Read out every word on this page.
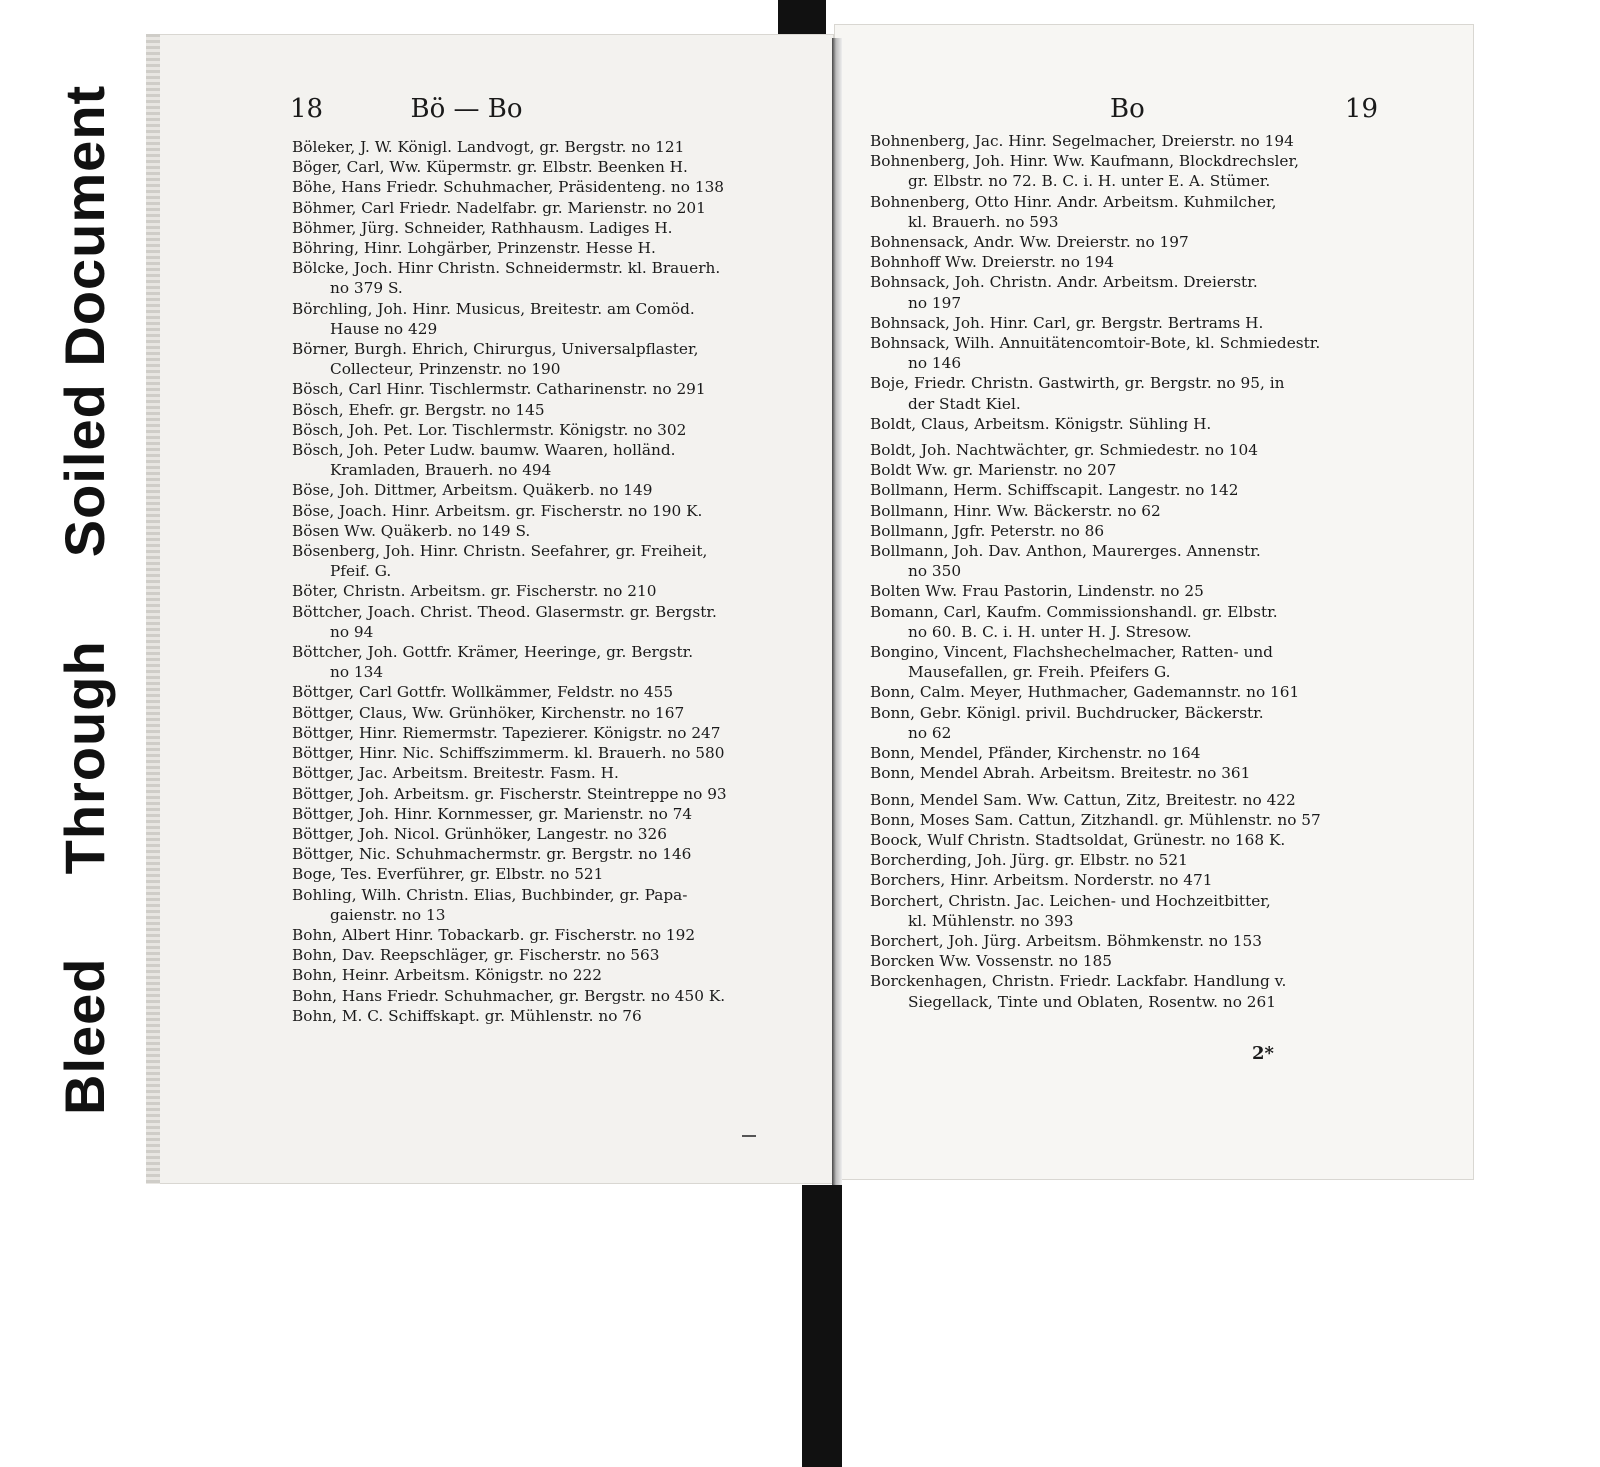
Bleed  Through  Soiled Document	18	Bö — Bo	Bo	19
Böleker, J. W. Königl. Landvogt, gr. Bergstr. no 121
Böger, Carl, Ww. Küpermstr. gr. Elbstr. Beenken H.
Böhe, Hans Friedr. Schuhmacher, Präsidenteng. no 138
Böhmer, Carl Friedr. Nadelfabr. gr. Marienstr. no 201
Böhmer, Jürg. Schneider, Rathhausm. Ladiges H.
Böhring, Hinr. Lohgärber, Prinzenstr. Hesse H.
Bölcke, Joch. Hinr Christn. Schneidermstr. kl. Brauerh.
no 379 S.
Börchling, Joh. Hinr. Musicus, Breitestr. am Comöd.
Hause no 429
Börner, Burgh. Ehrich, Chirurgus, Universalpflaster,
Collecteur, Prinzenstr. no 190
Bösch, Carl Hinr. Tischlermstr. Catharinenstr. no 291
Bösch, Ehefr. gr. Bergstr. no 145
Bösch, Joh. Pet. Lor. Tischlermstr. Königstr. no 302
Bösch, Joh. Peter Ludw. baumw. Waaren, holländ.
Kramladen, Brauerh. no 494
Böse, Joh. Dittmer, Arbeitsm. Quäkerb. no 149
Böse, Joach. Hinr. Arbeitsm. gr. Fischerstr. no 190 K.
Bösen Ww. Quäkerb. no 149 S.
Bösenberg, Joh. Hinr. Christn. Seefahrer, gr. Freiheit,
Pfeif. G.
Böter, Christn. Arbeitsm. gr. Fischerstr. no 210
Böttcher, Joach. Christ. Theod. Glasermstr. gr. Bergstr.
no 94
Böttcher, Joh. Gottfr. Krämer, Heeringe, gr. Bergstr.
no 134
Böttger, Carl Gottfr. Wollkämmer, Feldstr. no 455
Böttger, Claus, Ww. Grünhöker, Kirchenstr. no 167
Böttger, Hinr. Riemermstr. Tapezierer. Königstr. no 247
Böttger, Hinr. Nic. Schiffszimmerm. kl. Brauerh. no 580
Böttger, Jac. Arbeitsm. Breitestr. Fasm. H.
Böttger, Joh. Arbeitsm. gr. Fischerstr. Steintreppe no 93
Böttger, Joh. Hinr. Kornmesser, gr. Marienstr. no 74
Böttger, Joh. Nicol. Grünhöker, Langestr. no 326
Böttger, Nic. Schuhmachermstr. gr. Bergstr. no 146
Boge, Tes. Everführer, gr. Elbstr. no 521
Bohling, Wilh. Christn. Elias, Buchbinder, gr. Papa-
gaienstr. no 13
Bohn, Albert Hinr. Tobackarb. gr. Fischerstr. no 192
Bohn, Dav. Reepschläger, gr. Fischerstr. no 563
Bohn, Heinr. Arbeitsm. Königstr. no 222
Bohn, Hans Friedr. Schuhmacher, gr. Bergstr. no 450 K.
Bohn, M. C. Schiffskapt. gr. Mühlenstr. no 76
Bohnenberg, Jac. Hinr. Segelmacher, Dreierstr. no 194
Bohnenberg, Joh. Hinr. Ww. Kaufmann, Blockdrechsler,
gr. Elbstr. no 72. B. C. i. H. unter E. A. Stümer.
Bohnenberg, Otto Hinr. Andr. Arbeitsm. Kuhmilcher,
kl. Brauerh. no 593
Bohnensack, Andr. Ww. Dreierstr. no 197
Bohnhoff Ww. Dreierstr. no 194
Bohnsack, Joh. Christn. Andr. Arbeitsm. Dreierstr.
no 197
Bohnsack, Joh. Hinr. Carl, gr. Bergstr. Bertrams H.
Bohnsack, Wilh. Annuitätencomtoir-Bote, kl. Schmiedestr.
no 146
Boje, Friedr. Christn. Gastwirth, gr. Bergstr. no 95, in
der Stadt Kiel.
Boldt, Claus, Arbeitsm. Königstr. Sühling H.
Boldt, Joh. Nachtwächter, gr. Schmiedestr. no 104
Boldt Ww. gr. Marienstr. no 207
Bollmann, Herm. Schiffscapit. Langestr. no 142
Bollmann, Hinr. Ww. Bäckerstr. no 62
Bollmann, Jgfr. Peterstr. no 86
Bollmann, Joh. Dav. Anthon, Maurerges. Annenstr.
no 350
Bolten Ww. Frau Pastorin, Lindenstr. no 25
Bomann, Carl, Kaufm. Commissionshandl. gr. Elbstr.
no 60. B. C. i. H. unter H. J. Stresow.
Bongino, Vincent, Flachshechelmacher, Ratten- und
Mausefallen, gr. Freih. Pfeifers G.
Bonn, Calm. Meyer, Huthmacher, Gademannstr. no 161
Bonn, Gebr. Königl. privil. Buchdrucker, Bäckerstr.
no 62
Bonn, Mendel, Pfänder, Kirchenstr. no 164
Bonn, Mendel Abrah. Arbeitsm. Breitestr. no 361
Bonn, Mendel Sam. Ww. Cattun, Zitz, Breitestr. no 422
Bonn, Moses Sam. Cattun, Zitzhandl. gr. Mühlenstr. no 57
Boock, Wulf Christn. Stadtsoldat, Grünestr. no 168 K.
Borcherding, Joh. Jürg. gr. Elbstr. no 521
Borchers, Hinr. Arbeitsm. Norderstr. no 471
Borchert, Christn. Jac. Leichen- und Hochzeitbitter,
kl. Mühlenstr. no 393
Borchert, Joh. Jürg. Arbeitsm. Böhmkenstr. no 153
Borcken Ww. Vossenstr. no 185
Borckenhagen, Christn. Friedr. Lackfabr. Handlung v.
Siegellack, Tinte und Oblaten, Rosentw. no 261
2*
